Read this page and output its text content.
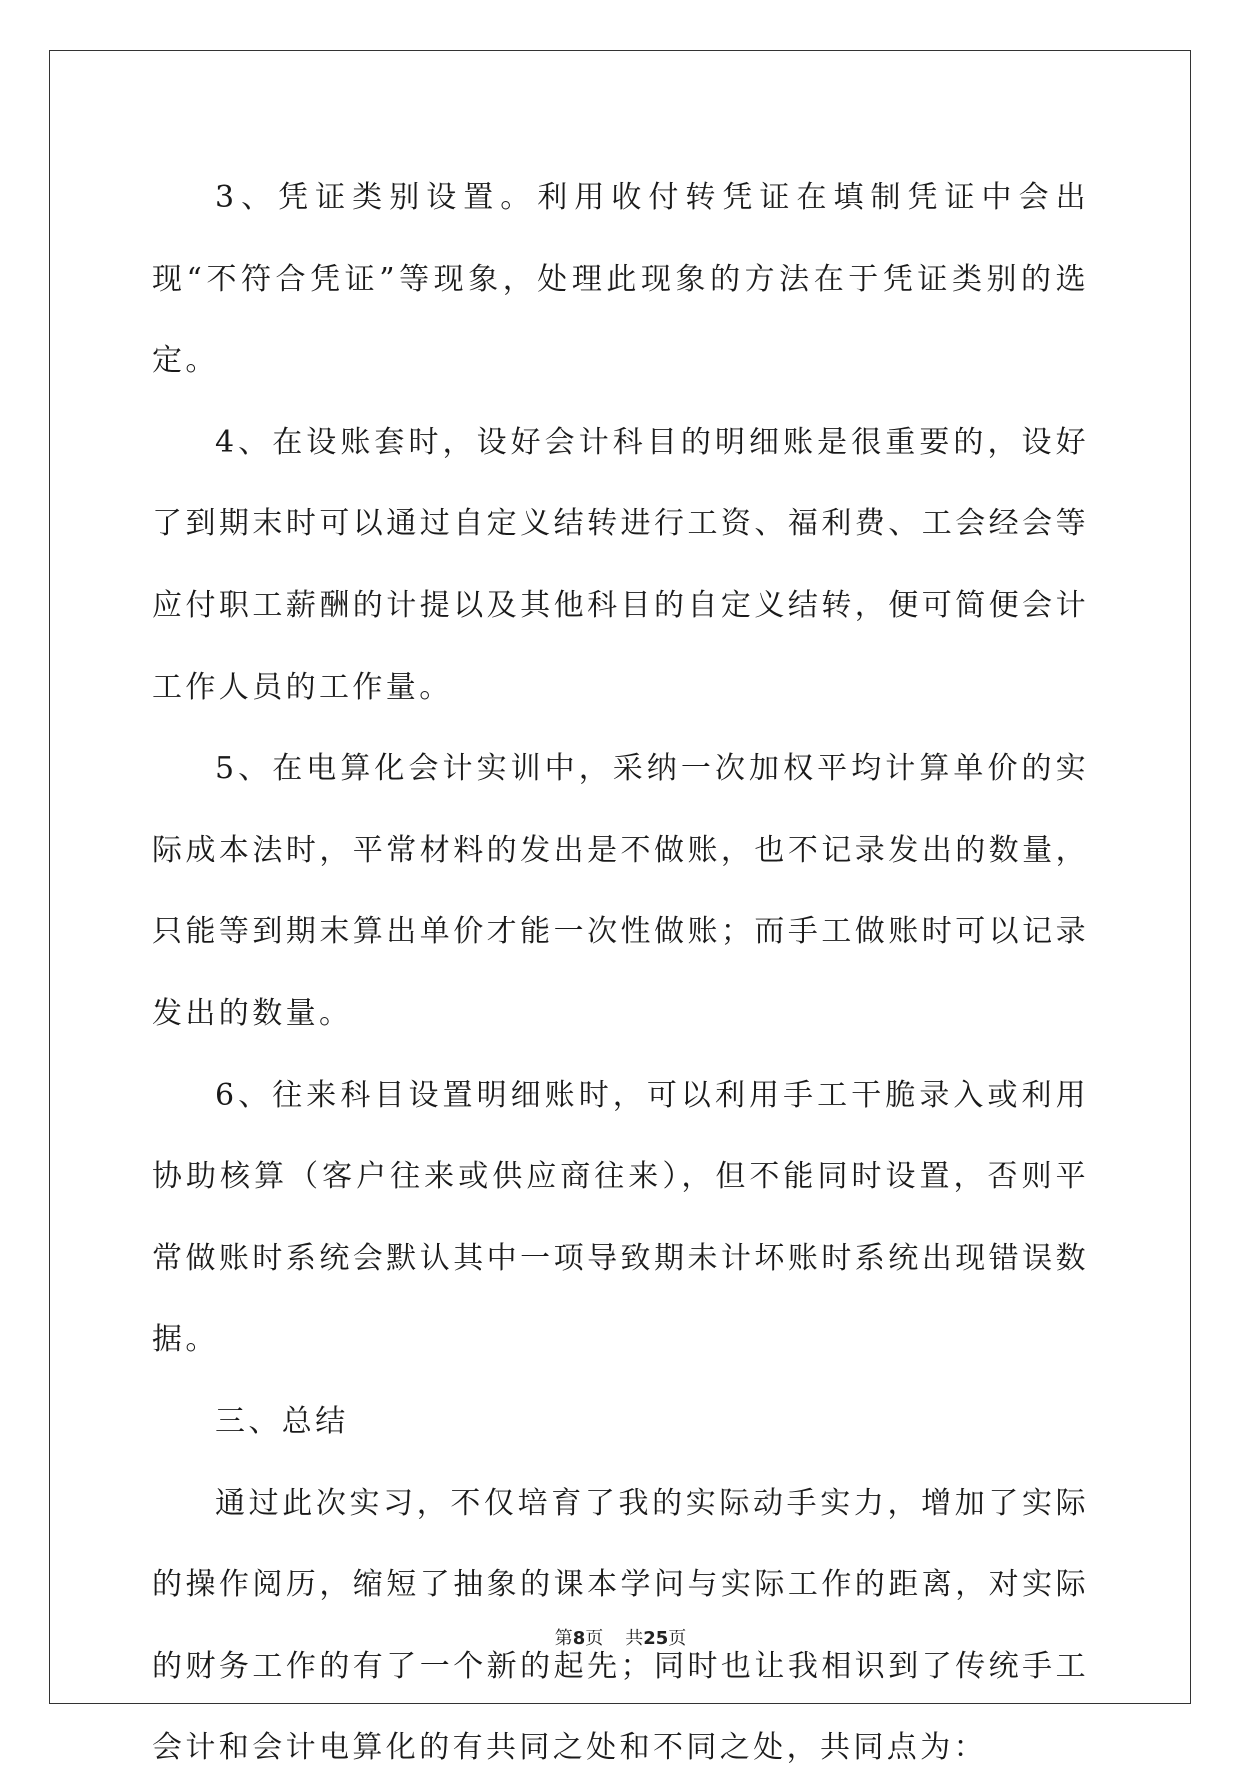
3、凭证类别设置。利用收付转凭证在填制凭证中会出现“不符合凭证”等现象，处理此现象的方法在于凭证类别的选定。

4、在设账套时，设好会计科目的明细账是很重要的，设好了到期末时可以通过自定义结转进行工资、福利费、工会经会等应付职工薪酬的计提以及其他科目的自定义结转，便可简便会计工作人员的工作量。

5、在电算化会计实训中，采纳一次加权平均计算单价的实际成本法时，平常材料的发出是不做账，也不记录发出的数量，只能等到期末算出单价才能一次性做账；而手工做账时可以记录发出的数量。

6、往来科目设置明细账时，可以利用手工干脆录入或利用协助核算（客户往来或供应商往来），但不能同时设置，否则平常做账时系统会默认其中一项导致期未计坏账时系统出现错误数据。

三、总结

通过此次实习，不仅培育了我的实际动手实力，增加了实际的操作阅历，缩短了抽象的课本学问与实际工作的距离，对实际的财务工作的有了一个新的起先；同时也让我相识到了传统手工会计和会计电算化的有共同之处和不同之处，共同点为：

第8页 共25页
